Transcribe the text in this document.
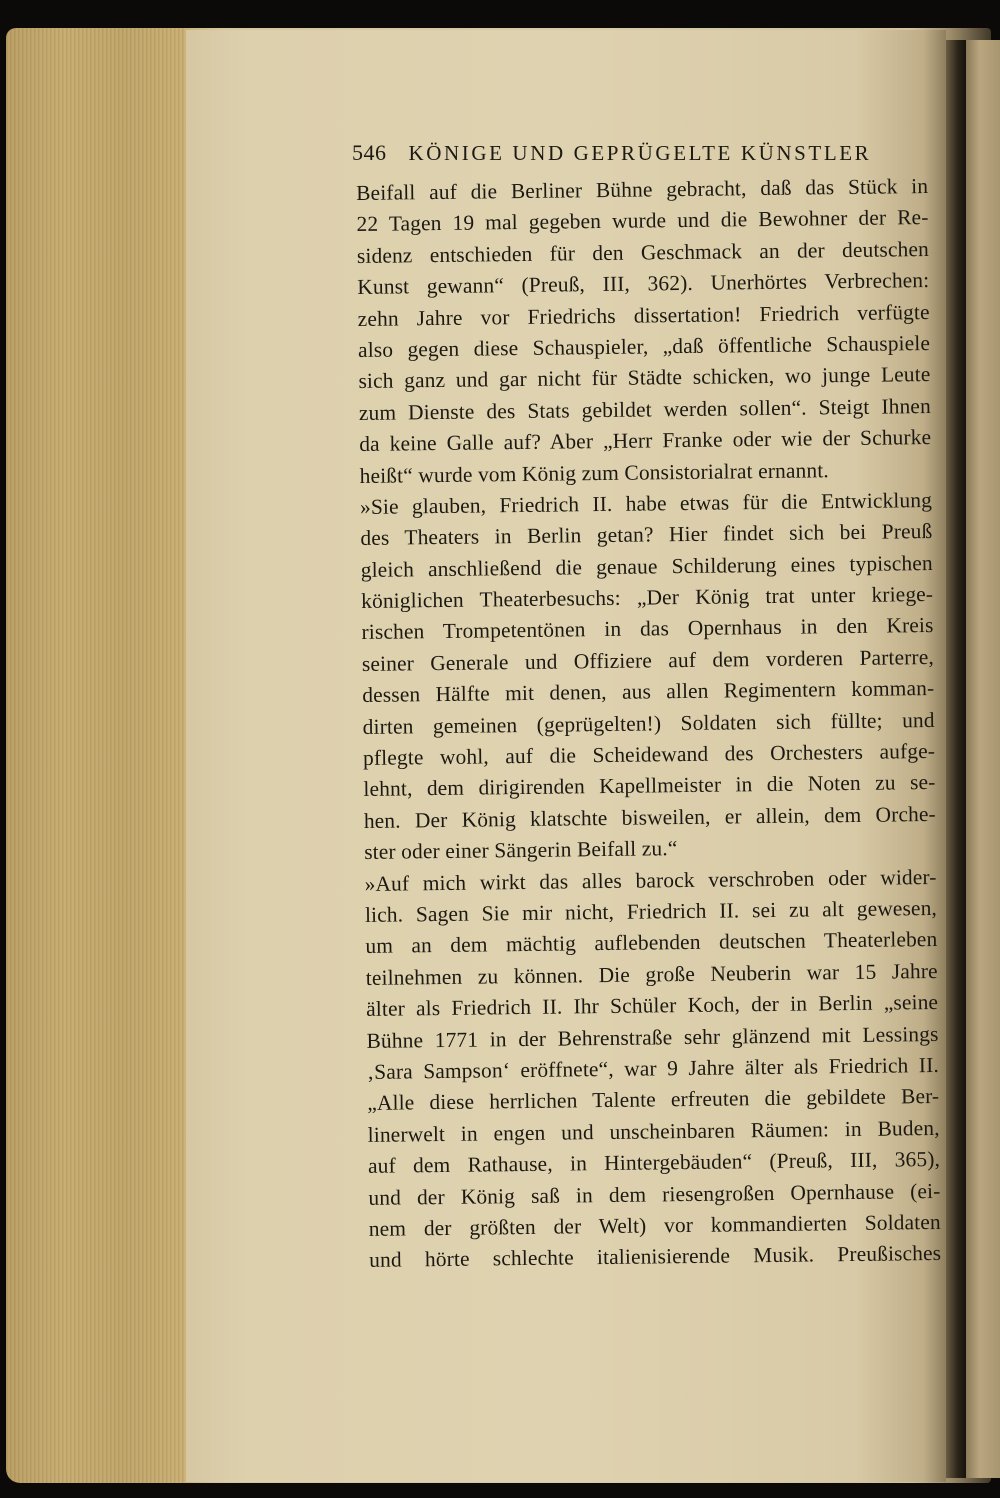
546 KÖNIGE UND GEPRÜGELTE KÜNSTLER
Beifall auf die Berliner Bühne gebracht, daß das Stück in
22 Tagen 19 mal gegeben wurde und die Bewohner der Re-
sidenz entschieden für den Geschmack an der deutschen
Kunst gewann“ (Preuß, III, 362). Unerhörtes Verbrechen:
zehn Jahre vor Friedrichs dissertation! Friedrich verfügte
also gegen diese Schauspieler, „daß öffentliche Schauspiele
sich ganz und gar nicht für Städte schicken, wo junge Leute
zum Dienste des Stats gebildet werden sollen“. Steigt Ihnen
da keine Galle auf? Aber „Herr Franke oder wie der Schurke
heißt“ wurde vom König zum Consistorialrat ernannt.
»Sie glauben, Friedrich II. habe etwas für die Entwicklung
des Theaters in Berlin getan? Hier findet sich bei Preuß
gleich anschließend die genaue Schilderung eines typischen
königlichen Theaterbesuchs: „Der König trat unter kriege-
rischen Trompetentönen in das Opernhaus in den Kreis
seiner Generale und Offiziere auf dem vorderen Parterre,
dessen Hälfte mit denen, aus allen Regimentern komman-
dirten gemeinen (geprügelten!) Soldaten sich füllte; und
pflegte wohl, auf die Scheidewand des Orchesters aufge-
lehnt, dem dirigirenden Kapellmeister in die Noten zu se-
hen. Der König klatschte bisweilen, er allein, dem Orche-
ster oder einer Sängerin Beifall zu.“
»Auf mich wirkt das alles barock verschroben oder wider-
lich. Sagen Sie mir nicht, Friedrich II. sei zu alt gewesen,
um an dem mächtig auflebenden deutschen Theaterleben
teilnehmen zu können. Die große Neuberin war 15 Jahre
älter als Friedrich II. Ihr Schüler Koch, der in Berlin „seine
Bühne 1771 in der Behrenstraße sehr glänzend mit Lessings
‚Sara Sampson‘ eröffnete“, war 9 Jahre älter als Friedrich II.
„Alle diese herrlichen Talente erfreuten die gebildete Ber-
linerwelt in engen und unscheinbaren Räumen: in Buden,
auf dem Rathause, in Hintergebäuden“ (Preuß, III, 365),
und der König saß in dem riesengroßen Opernhause (ei-
nem der größten der Welt) vor kommandierten Soldaten
und hörte schlechte italienisierende Musik. Preußisches
